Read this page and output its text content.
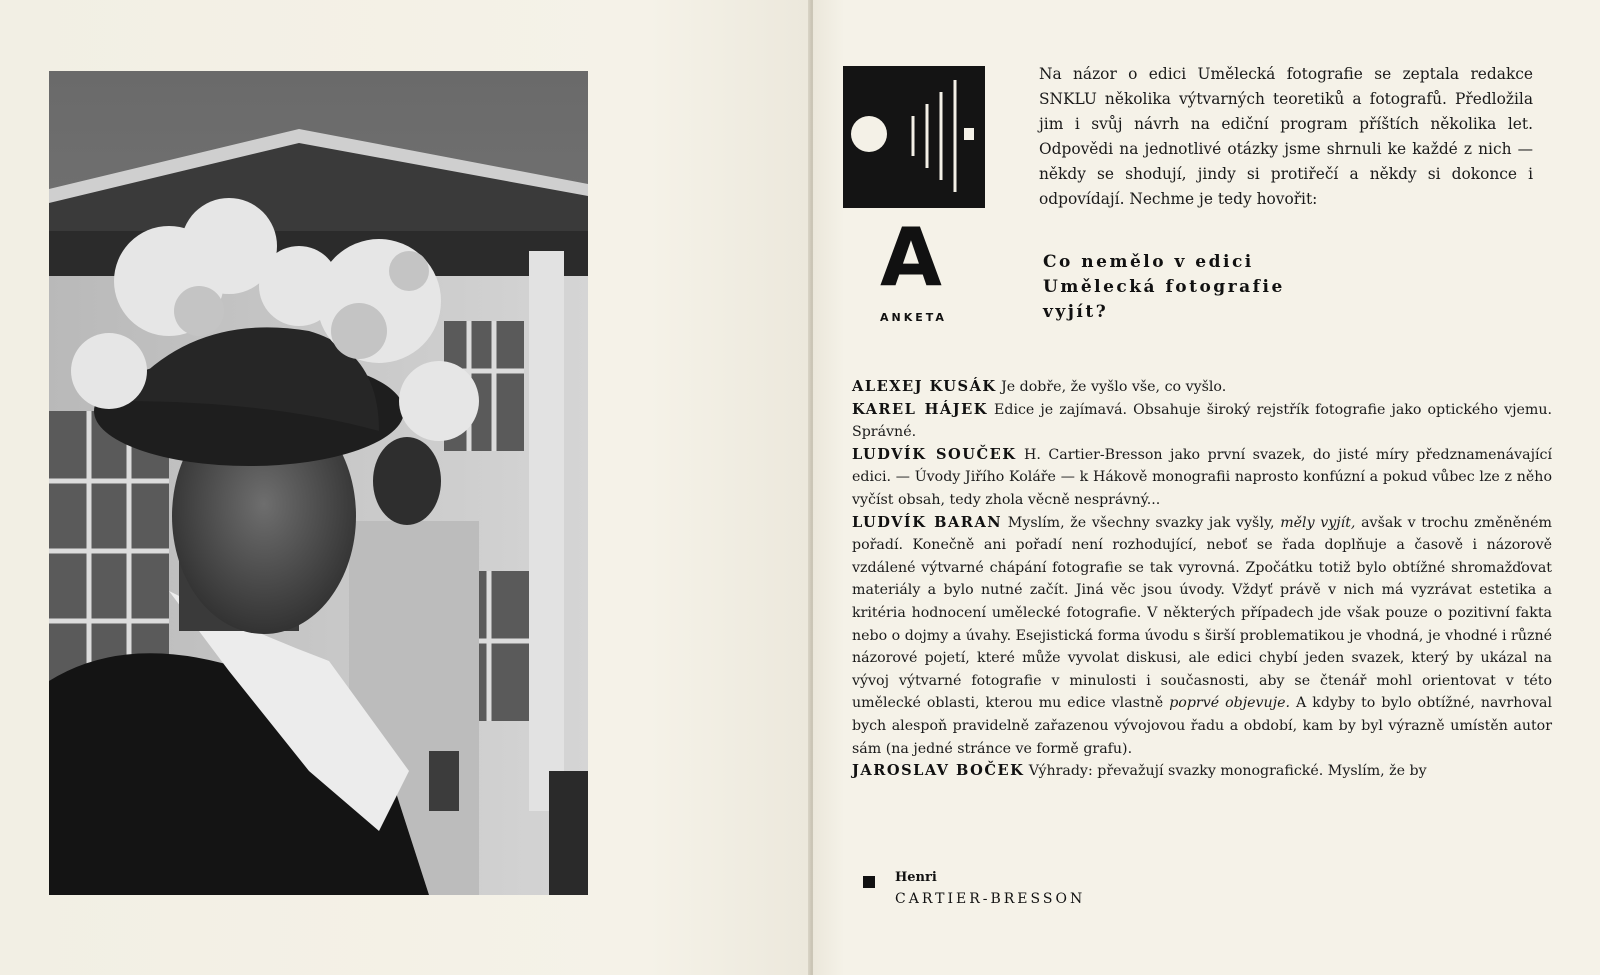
A
ANKETA

Na názor o edici Umělecká fotografie se zeptala redakce SNKLU několika výtvarných teoretiků a fotografů. Předložila jim i svůj návrh na ediční program příštích několika let. Odpovědi na jednotlivé otázky jsme shrnuli ke každé z nich — někdy se shodují, jindy si protiřečí a někdy si dokonce i odpovídají. Nechme je tedy hovořit:

Co nemělo v edici
Umělecká fotografie
vyjít?

ALEXEJ KUSÁK Je dobře, že vyšlo vše, co vyšlo.

KAREL HÁJEK Edice je zajímavá. Obsahuje široký rejstřík fotografie jako optického vjemu. Správné.

LUDVÍK SOUČEK H. Cartier-Bresson jako první svazek, do jisté míry předznamenávající edici. — Úvody Jiřího Koláře — k Hákově monografii naprosto konfúzní a pokud vůbec lze z něho vyčíst obsah, tedy zhola věcně nesprávný...

LUDVÍK BARAN Myslím, že všechny svazky jak vyšly, měly vyjít, avšak v trochu změněném pořadí. Konečně ani pořadí není rozhodující, neboť se řada doplňuje a časově i názorově vzdálené výtvarné chápání fotografie se tak vyrovná. Zpočátku totiž bylo obtížné shromažďovat materiály a bylo nutné začít. Jiná věc jsou úvody. Vždyť právě v nich má vyzrávat estetika a kritéria hodnocení umělecké fotografie. V některých případech jde však pouze o pozitivní fakta nebo o dojmy a úvahy. Esejistická forma úvodu s širší problematikou je vhodná, je vhodné i různé názorové pojetí, které může vyvolat diskusi, ale edici chybí jeden svazek, který by ukázal na vývoj výtvarné fotografie v minulosti i současnosti, aby se čtenář mohl orientovat v této umělecké oblasti, kterou mu edice vlastně poprvé objevuje. A kdyby to bylo obtížné, navrhoval bych alespoň pravidelně zařazenou vývojovou řadu a období, kam by byl výrazně umístěn autor sám (na jedné stránce ve formě grafu).

JAROSLAV BOČEK Výhrady: převažují svazky monografické. Myslím, že by

Henri
CARTIER-BRESSON
